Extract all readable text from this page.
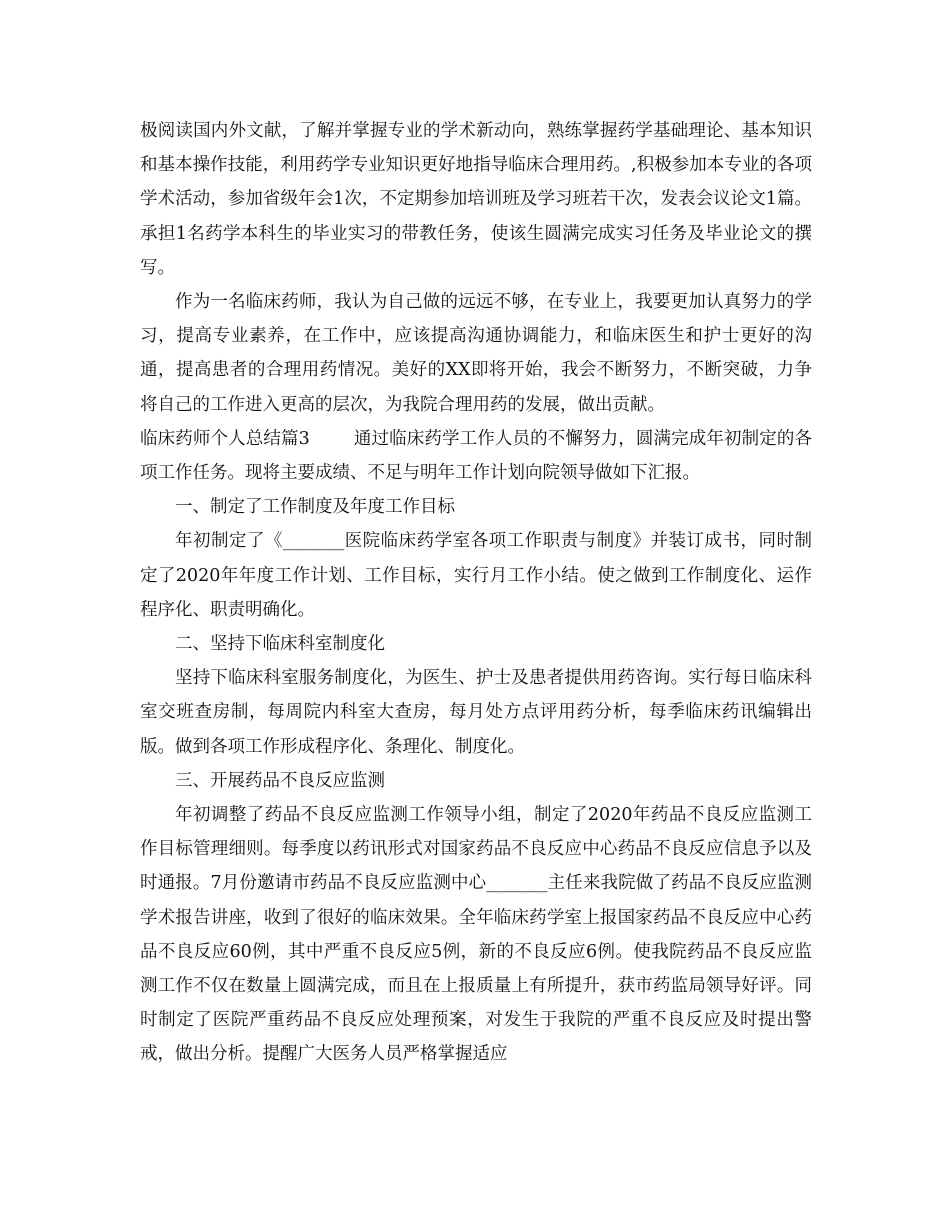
极阅读国内外文献，了解并掌握专业的学术新动向，熟练掌握药学基础理论、基本知识和基本操作技能，利用药学专业知识更好地指导临床合理用药。,积极参加本专业的各项学术活动，参加省级年会1次，不定期参加培训班及学习班若干次，发表会议论文1篇。承担1名药学本科生的毕业实习的带教任务，使该生圆满完成实习任务及毕业论文的撰写。

作为一名临床药师，我认为自己做的远远不够，在专业上，我要更加认真努力的学习，提高专业素养，在工作中，应该提高沟通协调能力，和临床医生和护士更好的沟通，提高患者的合理用药情况。美好的XX即将开始，我会不断努力，不断突破，力争将自己的工作进入更高的层次，为我院合理用药的发展，做出贡献。

临床药师个人总结篇3	通过临床药学工作人员的不懈努力，圆满完成年初制定的各项工作任务。现将主要成绩、不足与明年工作计划向院领导做如下汇报。

一、制定了工作制度及年度工作目标

年初制定了《_______医院临床药学室各项工作职责与制度》并装订成书，同时制定了2020年年度工作计划、工作目标，实行月工作小结。使之做到工作制度化、运作程序化、职责明确化。

二、坚持下临床科室制度化

坚持下临床科室服务制度化，为医生、护士及患者提供用药咨询。实行每日临床科室交班查房制，每周院内科室大查房，每月处方点评用药分析，每季临床药讯编辑出版。做到各项工作形成程序化、条理化、制度化。

三、开展药品不良反应监测

年初调整了药品不良反应监测工作领导小组，制定了2020年药品不良反应监测工作目标管理细则。每季度以药讯形式对国家药品不良反应中心药品不良反应信息予以及时通报。7月份邀请市药品不良反应监测中心_______主任来我院做了药品不良反应监测学术报告讲座，收到了很好的临床效果。全年临床药学室上报国家药品不良反应中心药品不良反应60例，其中严重不良反应5例，新的不良反应6例。使我院药品不良反应监测工作不仅在数量上圆满完成，而且在上报质量上有所提升，获市药监局领导好评。同时制定了医院严重药品不良反应处理预案，对发生于我院的严重不良反应及时提出警戒，做出分析。提醒广大医务人员严格掌握适应
